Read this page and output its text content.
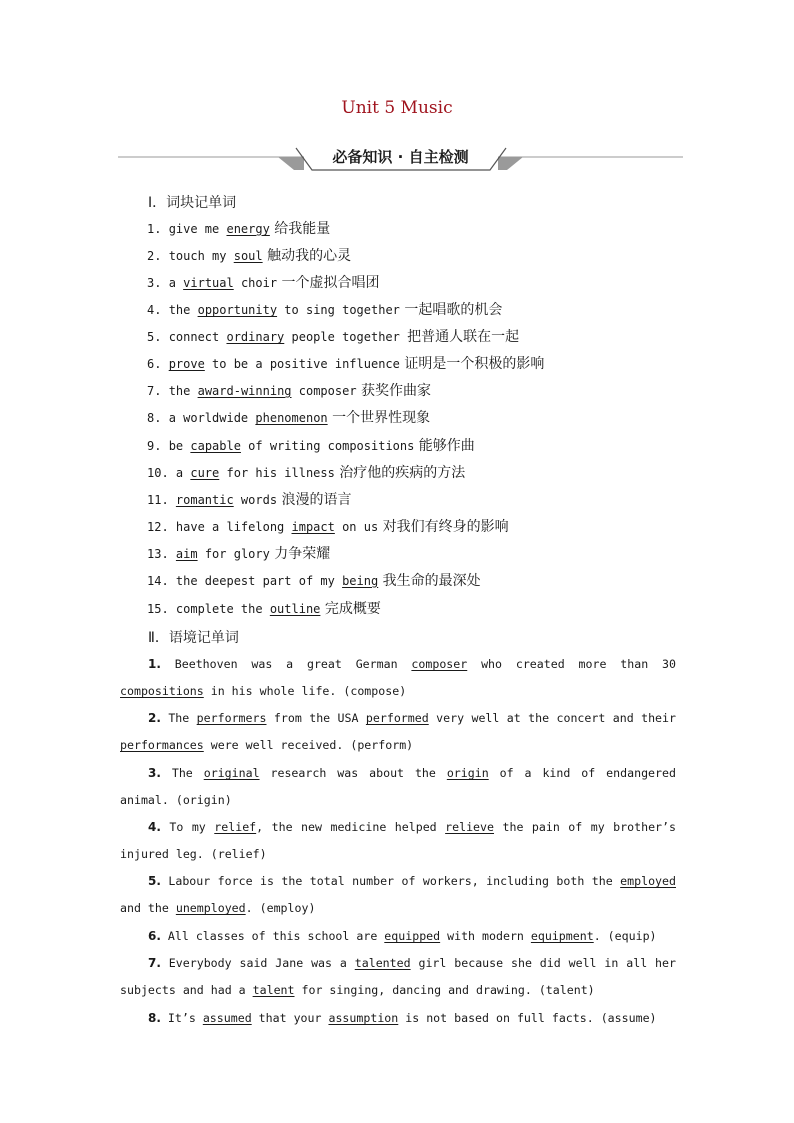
Unit 5 Music
必备知识 · 自主检测
Ⅰ．词块记单词
1. give me energy 给我能量
2. touch my soul 触动我的心灵
3. a virtual choir 一个虚拟合唱团
4. the opportunity to sing together 一起唱歌的机会
5. connect ordinary people together 把普通人联在一起
6. prove to be a positive influence 证明是一个积极的影响
7. the award-winning composer 获奖作曲家
8. a worldwide phenomenon 一个世界性现象
9. be capable of writing compositions 能够作曲
10. a cure for his illness 治疗他的疾病的方法
11. romantic words 浪漫的语言
12. have a lifelong impact on us 对我们有终身的影响
13. aim for glory 力争荣耀
14. the deepest part of my being 我生命的最深处
15. complete the outline 完成概要
Ⅱ．语境记单词
1. Beethoven was a great German composer who created more than 30 compositions in his whole life. (compose)
2. The performers from the USA performed very well at the concert and their performances were well received. (perform)
3. The original research was about the origin of a kind of endangered animal. (origin)
4. To my relief, the new medicine helped relieve the pain of my brother’s injured leg. (relief)
5. Labour force is the total number of workers, including both the employed and the unemployed. (employ)
6. All classes of this school are equipped with modern equipment. (equip)
7. Everybody said Jane was a talented girl because she did well in all her subjects and had a talent for singing, dancing and drawing. (talent)
8. It’s assumed that your assumption is not based on full facts. (assume)
